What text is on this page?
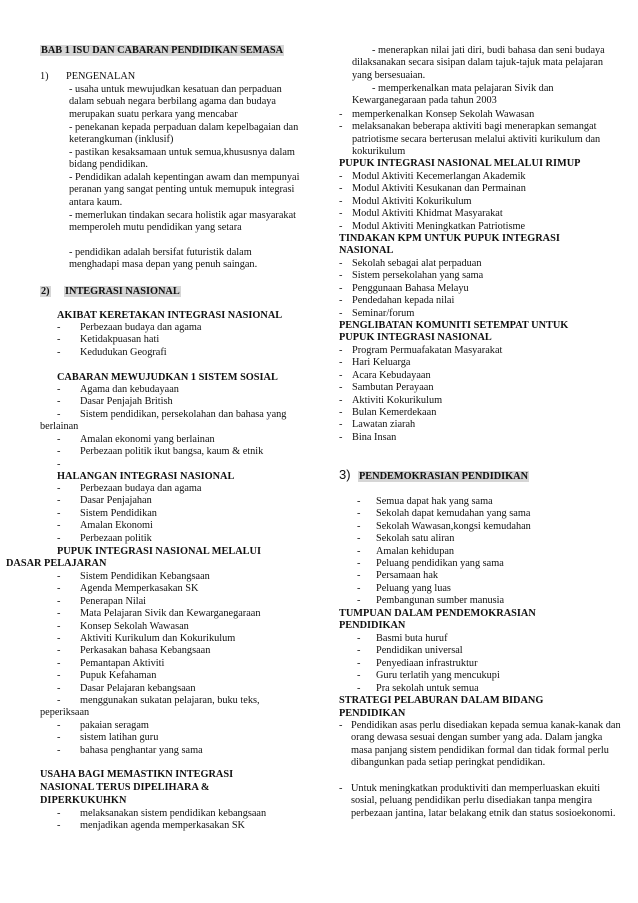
BAB 1 ISU DAN CABARAN PENDIDIKAN SEMASA
1) PENGENALAN
- usaha untuk mewujudkan kesatuan dan perpaduan dalam sebuah negara berbilang agama dan budaya merupakan suatu perkara yang mencabar
- penekanan kepada perpaduan dalam kepelbagaian dan keterangkuman (inklusif)
- pastikan kesaksamaan untuk semua,khususnya dalam bidang pendidikan.
- Pendidikan adalah kepentingan awam dan mempunyai peranan yang sangat penting untuk memupuk integrasi antara kaum.
- memerlukan tindakan secara holistik agar masyarakat memperoleh mutu pendidikan yang setara
- pendidikan adalah bersifat futuristik dalam menghadapi masa depan yang penuh saingan.
2) INTEGRASI NASIONAL
AKIBAT KERETAKAN INTEGRASI NASIONAL
- Perbezaan budaya dan agama
- Ketidakpuasan hati
- Kedudukan Geografi
CABARAN MEWUJUDKAN 1 SISTEM SOSIAL
- Agama dan kebudayaan
- Dasar Penjajah British
- Sistem pendidikan, persekolahan dan bahasa yang
berlainan
- Amalan ekonomi yang berlainan
- Perbezaan politik ikut bangsa, kaum & etnik
-
HALANGAN INTEGRASI NASIONAL
- Perbezaan budaya dan agama
- Dasar Penjajahan
- Sistem Pendidikan
- Amalan Ekonomi
- Perbezaan politik
PUPUK INTEGRASI NASIONAL MELALUI
DASAR PELAJARAN
- Sistem Pendidikan Kebangsaan
- Agenda Memperkasakan SK
- Penerapan Nilai
- Mata Pelajaran Sivik dan Kewarganegaraan
- Konsep Sekolah Wawasan
- Aktiviti Kurikulum dan Kokurikulum
- Perkasakan bahasa Kebangsaan
- Pemantapan Aktiviti
- Pupuk Kefahaman
- Dasar Pelajaran kebangsaan
- menggunakan sukatan pelajaran, buku teks,
peperiksaan
- pakaian seragam
- sistem latihan guru
- bahasa penghantar yang sama
USAHA BAGI MEMASTIKN INTEGRASI
NASIONAL TERUS DIPELIHARA &
DIPERKUKUHKN
- melaksanakan sistem pendidikan kebangsaan
- menjadikan agenda memperkasakan SK
- menerapkan nilai jati diri, budi bahasa dan seni budaya dilaksanakan secara sisipan dalam tajuk-tajuk mata pelajaran yang bersesuaian.
- memperkenalkan mata pelajaran Sivik dan Kewarganegaraan pada tahun 2003
- memperkenalkan Konsep Sekolah Wawasan
- melaksanakan beberapa aktiviti bagi menerapkan semangat patriotisme secara berterusan melalui aktiviti kurikulum dan kokurikulum
PUPUK INTEGRASI NASIONAL MELALUI RIMUP
- Modul Aktiviti Kecemerlangan Akademik
- Modul Aktiviti Kesukanan dan Permainan
- Modul Aktiviti Kokurikulum
- Modul Aktiviti Khidmat Masyarakat
- Modul Aktiviti Meningkatkan Patriotisme
TINDAKAN KPM UNTUK PUPUK INTEGRASI
NASIONAL
- Sekolah sebagai alat perpaduan
- Sistem persekolahan yang sama
- Penggunaan Bahasa Melayu
- Pendedahan kepada nilai
- Seminar/forum
PENGLIBATAN KOMUNITI SETEMPAT UNTUK
PUPUK INTEGRASI NASIONAL
- Program Permuafakatan Masyarakat
- Hari Keluarga
- Acara Kebudayaan
- Sambutan Perayaan
- Aktiviti Kokurikulum
- Bulan Kemerdekaan
- Lawatan ziarah
- Bina Insan
3) PENDEMOKRASIAN PENDIDIKAN
- Semua dapat hak yang sama
- Sekolah dapat kemudahan yang sama
- Sekolah Wawasan,kongsi kemudahan
- Sekolah satu aliran
- Amalan kehidupan
- Peluang pendidikan yang sama
- Persamaan hak
- Peluang yang luas
- Pembangunan sumber manusia
TUMPUAN DALAM PENDEMOKRASIAN
PENDIDIKAN
- Basmi buta huruf
- Pendidikan universal
- Penyediaan infrastruktur
- Guru terlatih yang mencukupi
- Pra sekolah untuk semua
STRATEGI PELABURAN DALAM BIDANG
PENDIDIKAN
- Pendidikan asas perlu disediakan kepada semua kanak-kanak dan orang dewasa sesuai dengan sumber yang ada. Dalam jangka masa panjang sistem pendidikan formal dan tidak formal perlu dibangunkan pada setiap peringkat pendidikan.
- Untuk meningkatkan produktiviti dan memperluaskan ekuiti sosial, peluang pendidikan perlu disediakan tanpa mengira perbezaan jantina, latar belakang etnik dan status sosioekonomi.
